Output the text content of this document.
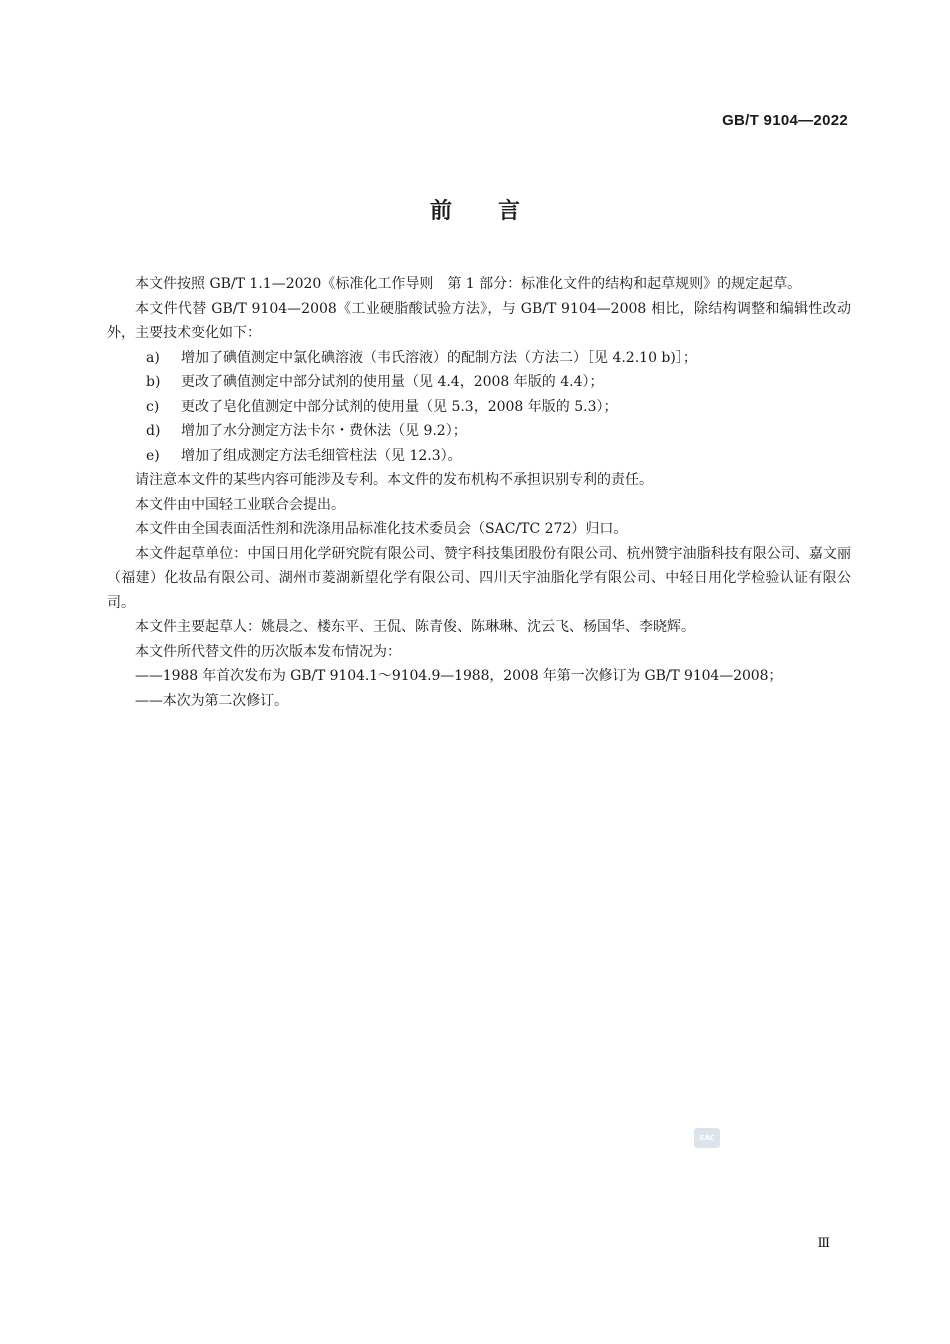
GB/T 9104—2022
前言

本文件按照 GB/T 1.1—2020《标准化工作导则　第 1 部分：标准化文件的结构和起草规则》的规定起草。

本文件代替 GB/T 9104—2008《工业硬脂酸试验方法》，与 GB/T 9104—2008 相比，除结构调整和编辑性改动外，主要技术变化如下：

a) 增加了碘值测定中氯化碘溶液（韦氏溶液）的配制方法（方法二）［见 4.2.10 b)］；

b) 更改了碘值测定中部分试剂的使用量（见 4.4，2008 年版的 4.4）；

c) 更改了皂化值测定中部分试剂的使用量（见 5.3，2008 年版的 5.3）；

d) 增加了水分测定方法卡尔・费休法（见 9.2）；

e) 增加了组成测定方法毛细管柱法（见 12.3）。

请注意本文件的某些内容可能涉及专利。本文件的发布机构不承担识别专利的责任。

本文件由中国轻工业联合会提出。

本文件由全国表面活性剂和洗涤用品标准化技术委员会（SAC/TC 272）归口。

本文件起草单位：中国日用化学研究院有限公司、赞宇科技集团股份有限公司、杭州赞宇油脂科技有限公司、嘉文丽（福建）化妆品有限公司、湖州市菱湖新望化学有限公司、四川天宇油脂化学有限公司、中轻日用化学检验认证有限公司。

本文件主要起草人：姚晨之、楼东平、王侃、陈青俊、陈琳琳、沈云飞、杨国华、李晓辉。

本文件所代替文件的历次版本发布情况为：

——1988 年首次发布为 GB/T 9104.1～9104.9—1988，2008 年第一次修订为 GB/T 9104—2008；

——本次为第二次修订。

SAC
Ⅲ
